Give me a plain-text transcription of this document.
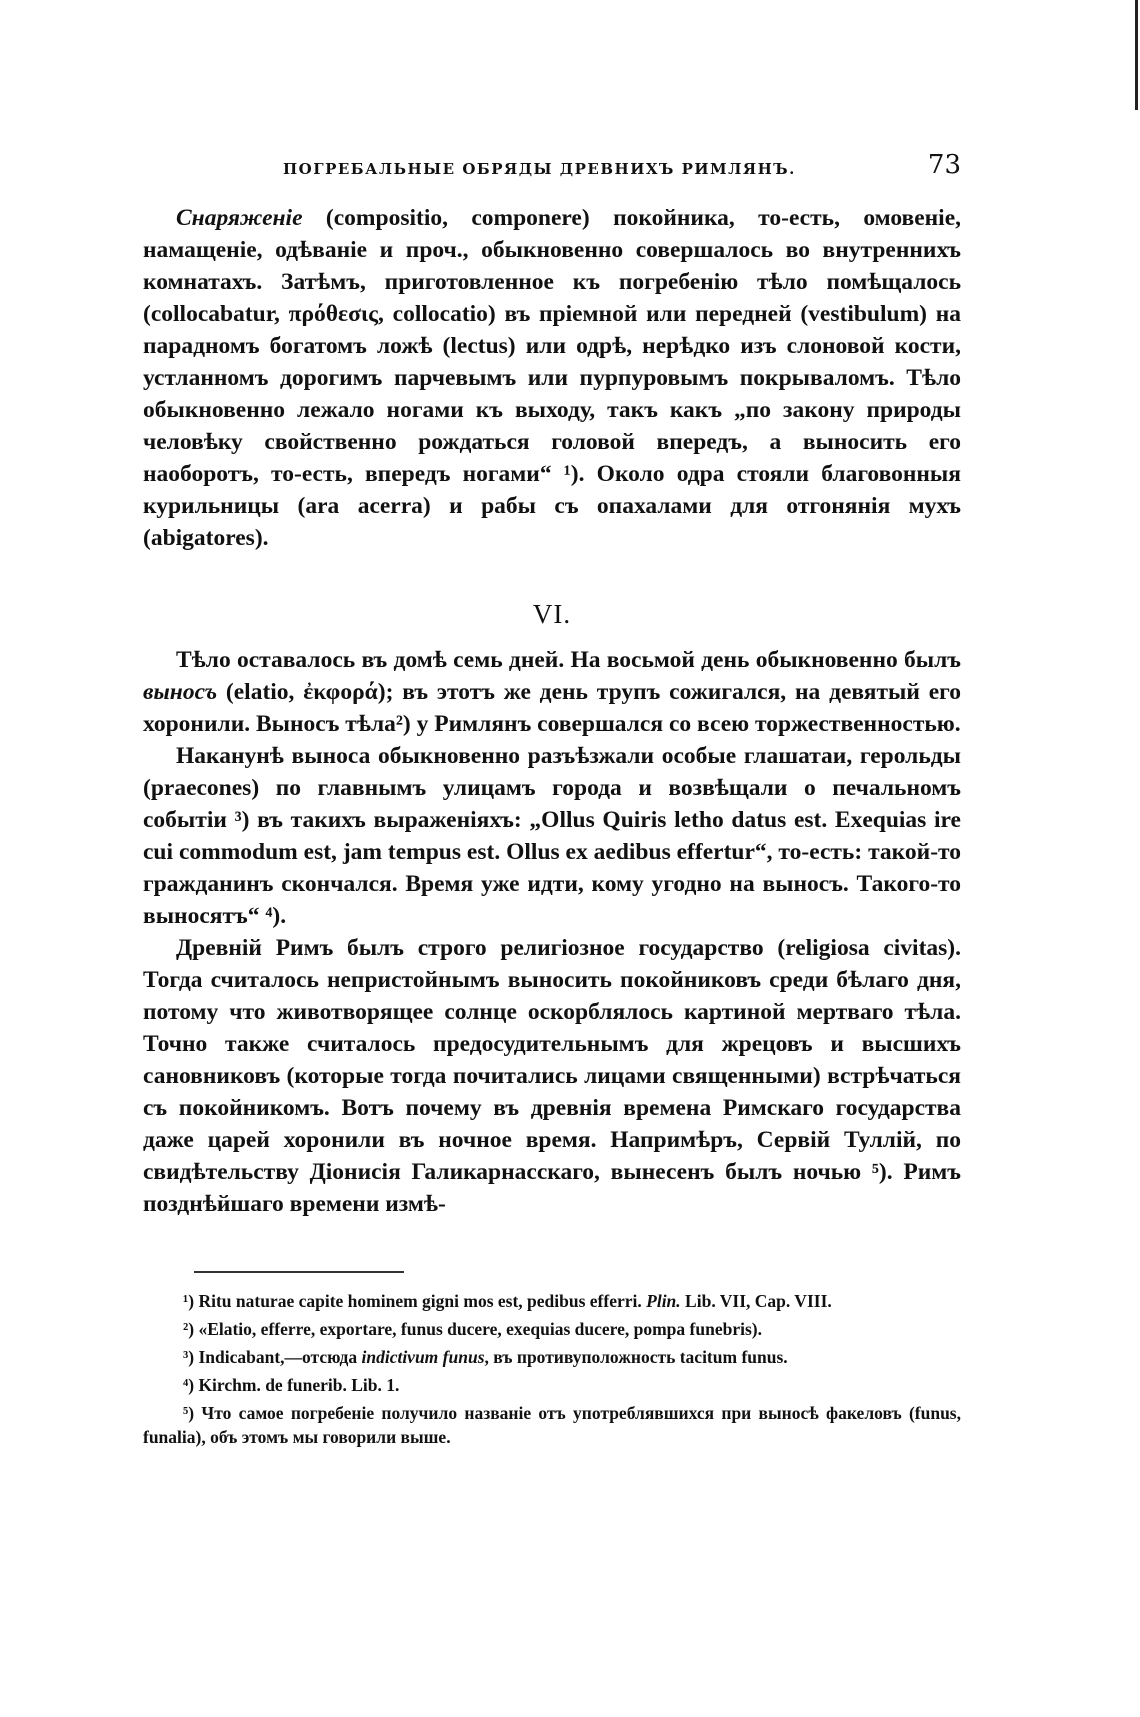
ПОГРЕБАЛЬНЫЕ ОБРЯДЫ ДРЕВНИХЪ РИМЛЯНЪ.	73

Снаряженіе (compositio, componere) покойника, то-есть, омовеніе, намащеніе, одѣваніе и проч., обыкновенно совершалось во внутреннихъ комнатахъ. Затѣмъ, приготовленное къ погребенію тѣло помѣщалось (collocabatur, πρόθεσις, collocatio) въ пріемной или передней (vestibulum) на парадномъ богатомъ ложѣ (lectus) или одрѣ, нерѣдко изъ слоновой кости, устланномъ дорогимъ парчевымъ или пурпуровымъ покрываломъ. Тѣло обыкновенно лежало ногами къ выходу, такъ какъ „по закону природы человѣку свойственно рождаться головой впередъ, а выносить его наоборотъ, то-есть, впередъ ногами“ ¹). Около одра стояли благовонныя курильницы (ara acerra) и рабы съ опахалами для отгонянія мухъ (abigatores).

VI.

Тѣло оставалось въ домѣ семь дней. На восьмой день обыкновенно былъ выносъ (elatio, ἐκφορά); въ этотъ же день трупъ сожигался, на девятый его хоронили. Выносъ тѣла²) у Римлянъ совершался со всею торжественностью.

Наканунѣ выноса обыкновенно разъѣзжали особые глашатаи, герольды (praecones) по главнымъ улицамъ города и возвѣщали о печальномъ событіи ³) въ такихъ выраженіяхъ: „Ollus Quiris letho datus est. Exequias ire cui commodum est, jam tempus est. Ollus ex aedibus effertur“, то-есть: такой-то гражданинъ скончался. Время уже идти, кому угодно на выносъ. Такого-то выносятъ“ ⁴).

Древній Римъ былъ строго религіозное государство (religiosa civitas). Тогда считалось непристойнымъ выносить покойниковъ среди бѣлаго дня, потому что животворящее солнце оскорблялось картиной мертваго тѣла. Точно также считалось предосудительнымъ для жрецовъ и высшихъ сановниковъ (которые тогда почитались лицами священными) встрѣчаться съ покойникомъ. Вотъ почему въ древнія времена Римскаго государства даже царей хоронили въ ночное время. Напримѣръ, Сервій Туллій, по свидѣтельству Діонисія Галикарнасскаго, вынесенъ былъ ночью ⁵). Римъ позднѣйшаго времени измѣ-

¹) Ritu naturae capite hominem gigni mos est, pedibus efferri. Plin. Lib. VII, Cap. VIII.

²) «Elatio, efferre, exportare, funus ducere, exequias ducere, pompa funebris).

³) Indicabant,—отсюда indictivum funus, въ противуположность tacitum funus.

⁴) Kirchm. de funerib. Lib. 1.

⁵) Что самое погребеніе получило названіе отъ употреблявшихся при выносѣ факеловъ (funus, funalia), объ этомъ мы говорили выше.
